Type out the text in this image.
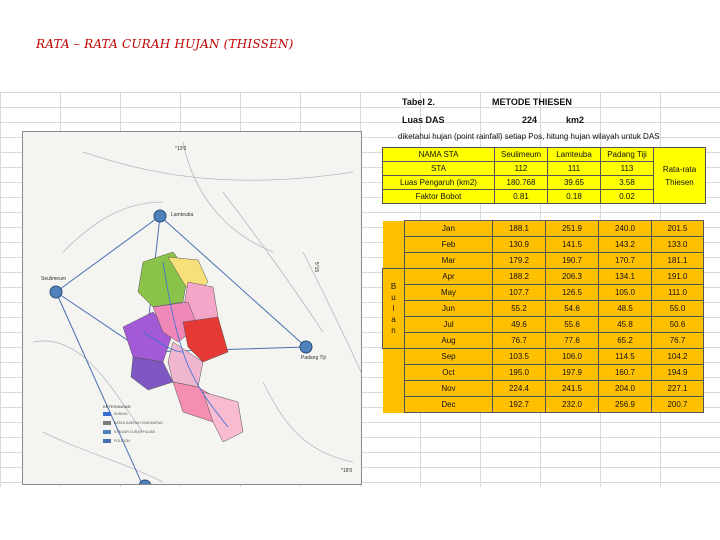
RATA – RATA CURAH HUJAN (THISSEN)
Lamteuba
Seulimeum
Padang Tiji
°13'0
5°15
°18'0
KETERANGAN
SUNGAI
BATAS DAERAH TANGKAPAN
STASIUN CURAH HUJAN
POLIGON
Tabel 2.	METODE THIESEN
Luas DAS	224	km2
diketahui hujan (point rainfall) setiap Pos, hitung hujan wilayah untuk DAS
NAMA STA	Seulimeum	Lamteuba	Padang Tiji	Rata-rata
Thiesen
STA	112	111	113	
Luas Pengaruh (km2)	180.768	39.65	3.58	
Faktor Bobot	0.81	0.18	0.02	
	Jan	188.1	251.9	240.0	201.5
	Feb	130.9	141.5	143.2	133.0
	Mar	179.2	190.7	170.7	181.1

B
u
l
a
n	Apr	188.2	206.3	134.1	191.0
	May	107.7	126.5	105.0	111.0
	Jun	55.2	54.6	48.5	55.0
	Jul	49.6	55.6	45.8	50.6
	Aug	76.7	77.6	65.2	76.7
	Sep	103.5	106.0	114.5	104.2
	Oct	195.0	197.9	160.7	194.9
	Nov	224.4	241.5	204.0	227.1
	Dec	192.7	232.0	256.9	200.7
